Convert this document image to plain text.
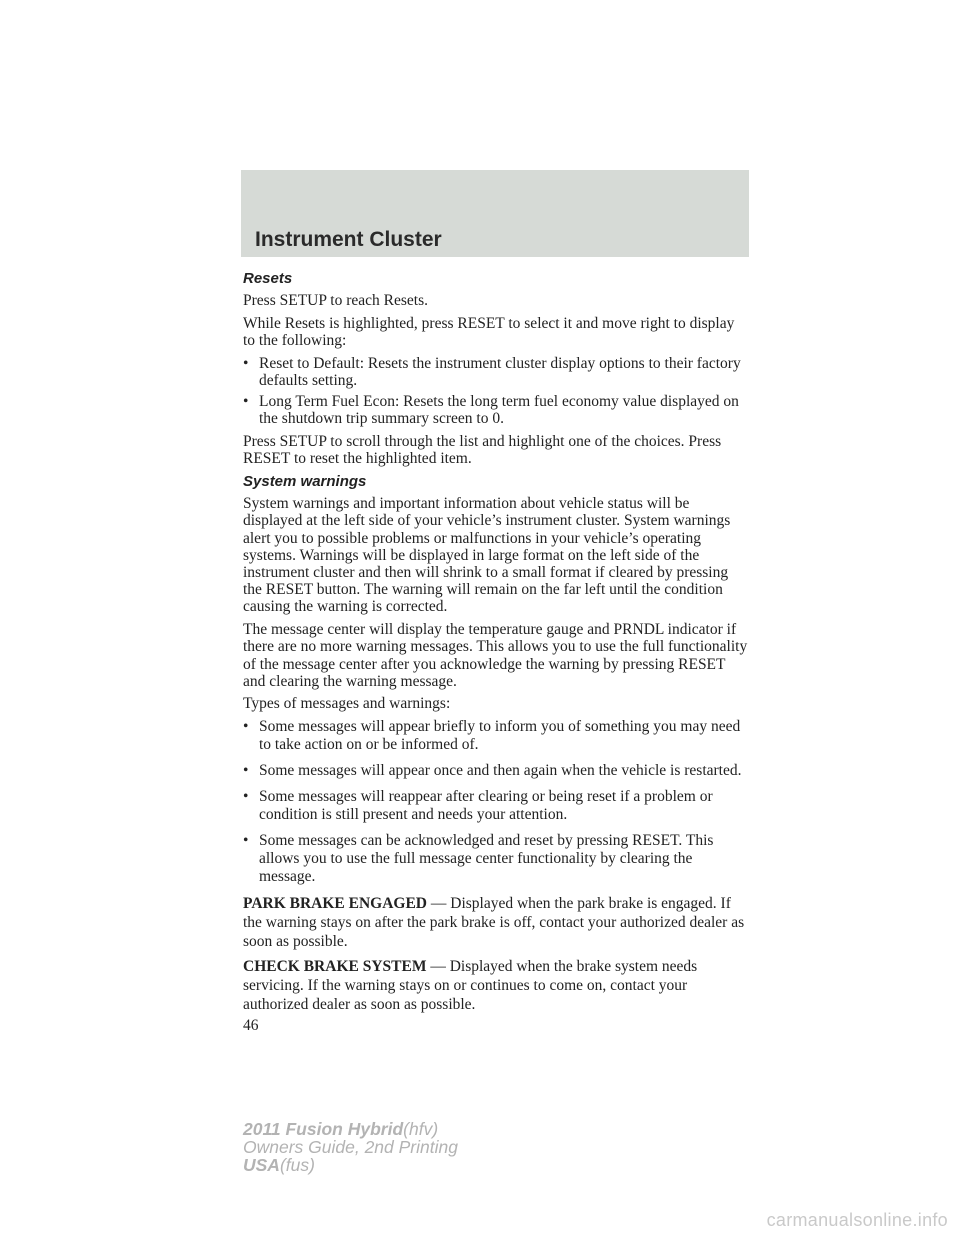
Instrument Cluster
Resets

Press SETUP to reach Resets.

While Resets is highlighted, press RESET to select it and move right to display to the following:

• Reset to Default: Resets the instrument cluster display options to their factory defaults setting.
• Long Term Fuel Econ: Resets the long term fuel economy value displayed on the shutdown trip summary screen to 0.

Press SETUP to scroll through the list and highlight one of the choices. Press RESET to reset the highlighted item.

System warnings

System warnings and important information about vehicle status will be displayed at the left side of your vehicle’s instrument cluster. System warnings alert you to possible problems or malfunctions in your vehicle’s operating systems. Warnings will be displayed in large format on the left side of the instrument cluster and then will shrink to a small format if cleared by pressing the RESET button. The warning will remain on the far left until the condition causing the warning is corrected.

The message center will display the temperature gauge and PRNDL indicator if there are no more warning messages. This allows you to use the full functionality of the message center after you acknowledge the warning by pressing RESET and clearing the warning message.

Types of messages and warnings:

• Some messages will appear briefly to inform you of something you may need to take action on or be informed of.
• Some messages will appear once and then again when the vehicle is restarted.
• Some messages will reappear after clearing or being reset if a problem or condition is still present and needs your attention.
• Some messages can be acknowledged and reset by pressing RESET. This allows you to use the full message center functionality by clearing the message.

PARK BRAKE ENGAGED — Displayed when the park brake is engaged. If the warning stays on after the park brake is off, contact your authorized dealer as soon as possible.

CHECK BRAKE SYSTEM — Displayed when the brake system needs servicing. If the warning stays on or continues to come on, contact your authorized dealer as soon as possible.

46
2011 Fusion Hybrid(hfv)
Owners Guide, 2nd Printing
USA(fus)
carmanualsonline.info
